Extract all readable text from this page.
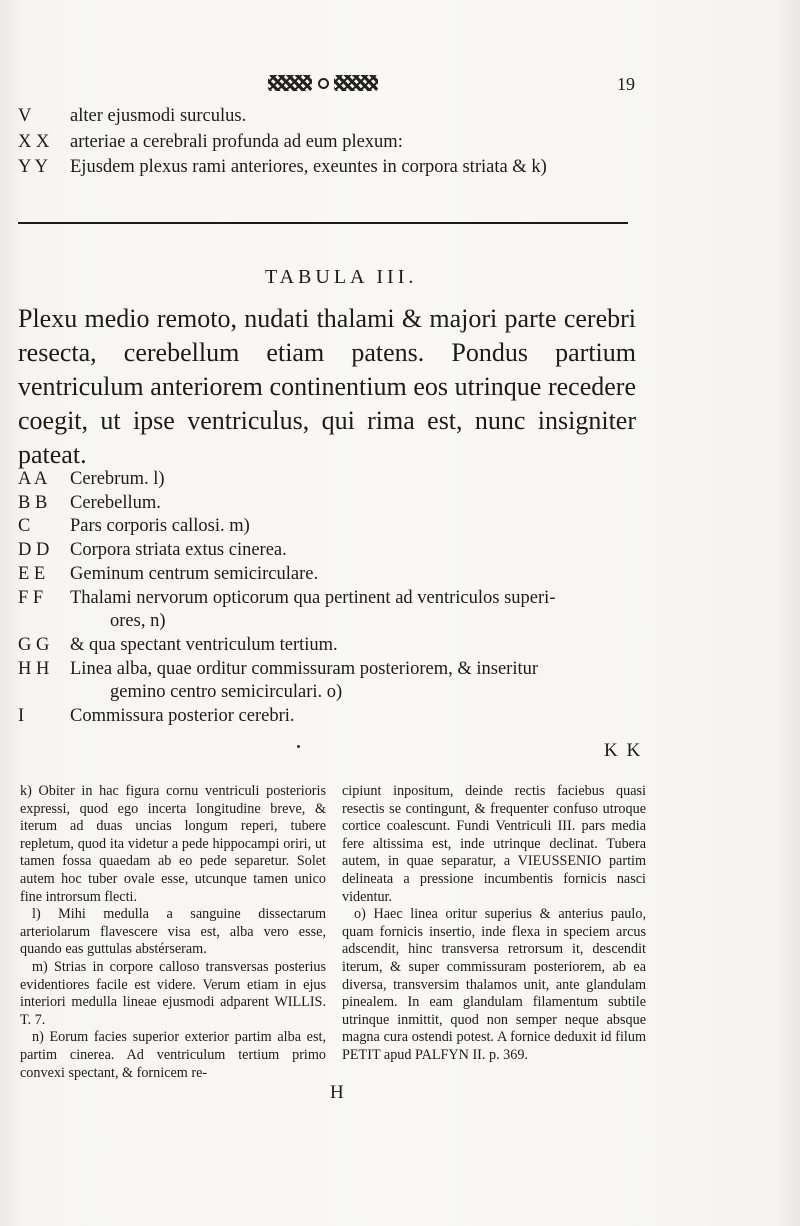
19
V alter ejusmodi surculus.
X X arteriae a cerebrali profunda ad eum plexum:
Y Y Ejusdem plexus rami anteriores, exeuntes in corpora striata & k)
TABULA III.
Plexu medio remoto, nudati thalami & majori parte cerebri resecta, cerebellum etiam patens. Pondus partium ventriculum anteriorem continentium eos utrinque recedere coegit, ut ipse ventriculus, qui rima est, nunc insigniter pateat.
A A	Cerebrum. l)
B B	Cerebellum.
C	Pars corporis callosi. m)
D D	Corpora striata extus cinerea.
E E	Geminum centrum semicirculare.
F F	Thalami nervorum opticorum qua pertinent ad ventriculos superi-
ores, n)
G G	& qua spectant ventriculum tertium.
H H	Linea alba, quae orditur commissuram posteriorem, & inseritur
gemino centro semicirculari. o)
I	Commissura posterior cerebri.
K K

k) Obiter in hac figura cornu ventriculi posterioris expressi, quod ego incerta longitudine breve, & iterum ad duas uncias longum reperi, tubere repletum, quod ita videtur a pede hippocampi oriri, ut tamen fossa quaedam ab eo pede separetur. Solet autem hoc tuber ovale esse, utcunque tamen unico fine introrsum flecti.

l) Mihi medulla a sanguine dissectarum arteriolarum flavescere visa est, alba vero esse, quando eas guttulas abstérseram.

m) Strias in corpore calloso transversas posterius evidentiores facile est videre. Verum etiam in ejus interiori medulla lineae ejusmodi adparent WILLIS. T. 7.

n) Eorum facies superior exterior partim alba est, partim cinerea. Ad ventriculum tertium primo convexi spectant, & fornicem re-

cipiunt inpositum, deinde rectis faciebus quasi resectis se contingunt, & frequenter confuso utroque cortice coalescunt. Fundi Ventriculi III. pars media fere altissima est, inde utrinque declinat. Tubera autem, in quae separatur, a VIEUSSENIO partim delineata a pressione incumbentis fornicis nasci videntur.

o) Haec linea oritur superius & anterius paulo, quam fornicis insertio, inde flexa in speciem arcus adscendit, hinc transversa retrorsum it, descendit iterum, & super commissuram posteriorem, ab ea diversa, transversim thalamos unit, ante glandulam pinealem. In eam glandulam filamentum subtile utrinque inmittit, quod non semper neque absque magna cura ostendi potest. A fornice deduxit id filum PETIT apud PALFYN II. p. 369.

H
